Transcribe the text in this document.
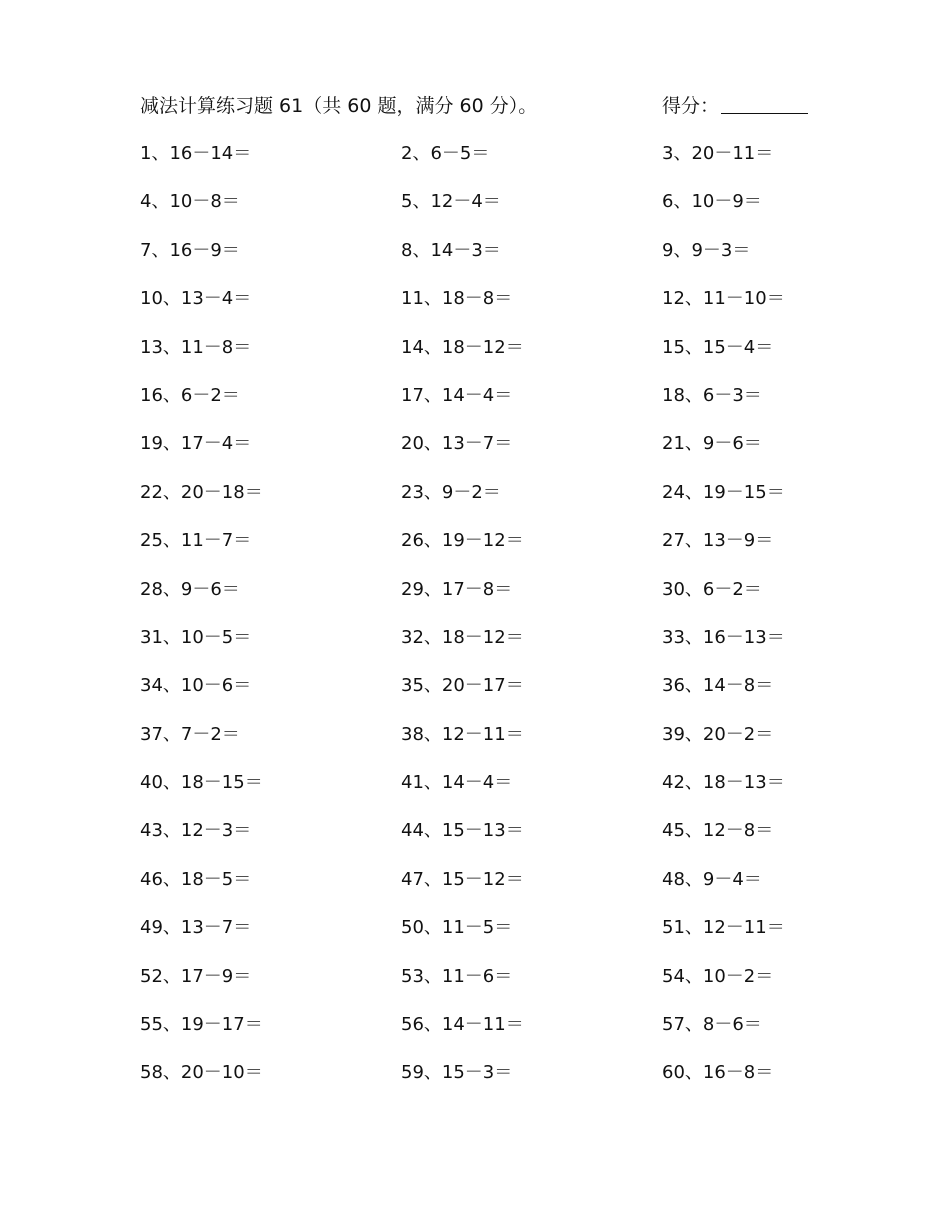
减法计算练习题 61（共 60 题，满分 60 分）。	得分：
1、16－14＝	2、6－5＝	3、20－11＝
4、10－8＝	5、12－4＝	6、10－9＝
7、16－9＝	8、14－3＝	9、9－3＝
10、13－4＝	11、18－8＝	12、11－10＝
13、11－8＝	14、18－12＝	15、15－4＝
16、6－2＝	17、14－4＝	18、6－3＝
19、17－4＝	20、13－7＝	21、9－6＝
22、20－18＝	23、9－2＝	24、19－15＝
25、11－7＝	26、19－12＝	27、13－9＝
28、9－6＝	29、17－8＝	30、6－2＝
31、10－5＝	32、18－12＝	33、16－13＝
34、10－6＝	35、20－17＝	36、14－8＝
37、7－2＝	38、12－11＝	39、20－2＝
40、18－15＝	41、14－4＝	42、18－13＝
43、12－3＝	44、15－13＝	45、12－8＝
46、18－5＝	47、15－12＝	48、9－4＝
49、13－7＝	50、11－5＝	51、12－11＝
52、17－9＝	53、11－6＝	54、10－2＝
55、19－17＝	56、14－11＝	57、8－6＝
58、20－10＝	59、15－3＝	60、16－8＝
